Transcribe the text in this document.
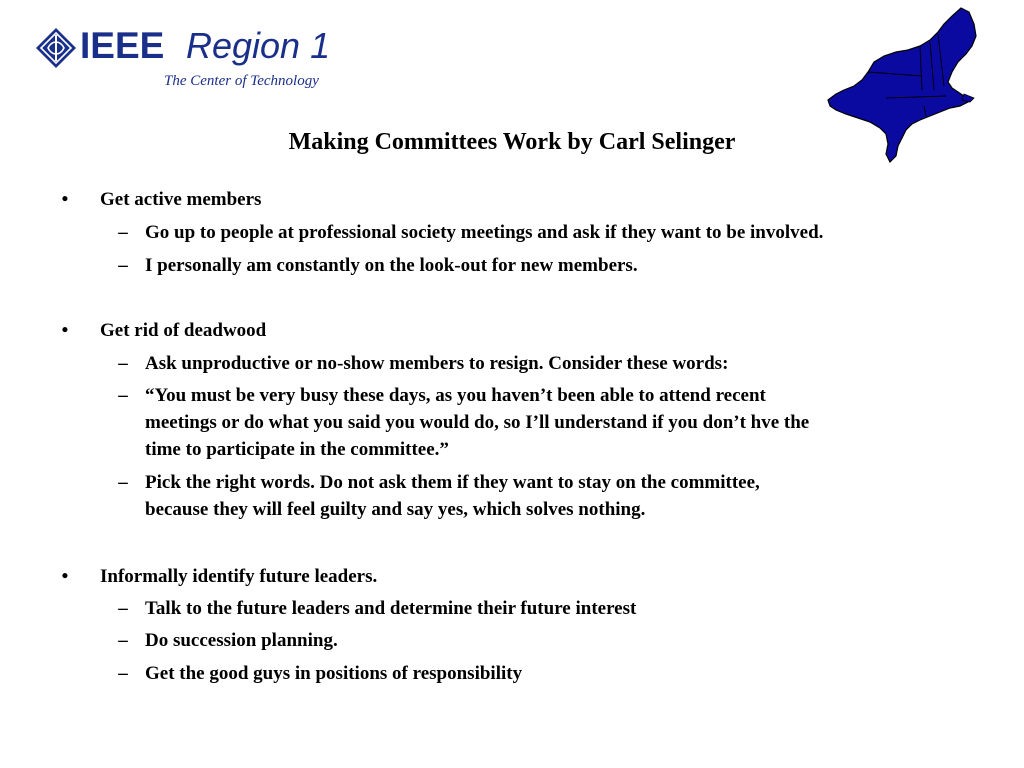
IEEE Region 1
The Center of Technology
Making Committees Work by Carl Selinger
• Get active members
– Go up to people at professional society meetings and ask if they want to be involved.
– I personally am constantly on the look-out for new members.
• Get rid of deadwood
– Ask unproductive or no-show members to resign. Consider these words:
– “You must be very busy these days, as you haven’t been able to attend recent
meetings or do what you said you would do, so I’ll understand if you don’t hve the
time to participate in the committee.”
– Pick the right words. Do not ask them if they want to stay on the committee,
because they will feel guilty and say yes, which solves nothing.
• Informally identify future leaders.
– Talk to the future leaders and determine their future interest
– Do succession planning.
– Get the good guys in positions of responsibility
